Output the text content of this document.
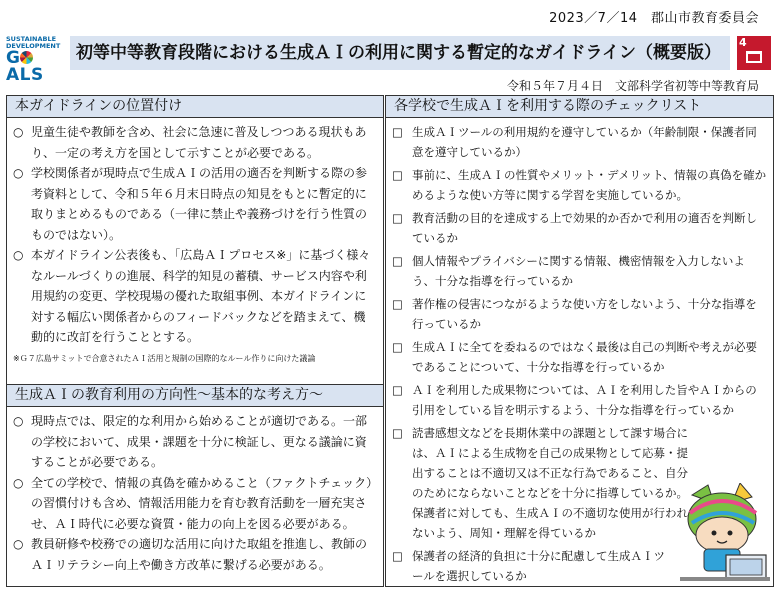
2023／7／14　郡山市教育委員会
SUSTAINABLE
DEVELOPMENT
GALS
初等中等教育段階における生成ＡＩの利用に関する暫定的なガイドライン（概要版）
4
令和５年７月４日　文部科学省初等中等教育局
本ガイドラインの位置付け
○ 児童生徒や教師を含め、社会に急速に普及しつつある現状もあり、一定の考え方を国として示すことが必要である。
○ 学校関係者が現時点で生成ＡＩの活用の適否を判断する際の参考資料として、令和５年６月末日時点の知見をもとに暫定的に取りまとめるものである（一律に禁止や義務づけを行う性質のものではない）。
○ 本ガイドライン公表後も、「広島ＡＩプロセス※」に基づく様々なルールづくりの進展、科学的知見の蓄積、サービス内容や利用規約の変更、学校現場の優れた取組事例、本ガイドラインに対する幅広い関係者からのフィードバックなどを踏まえて、機動的に改訂を行うこととする。
※Ｇ７広島サミットで合意されたＡＩ活用と規制の国際的なルール作りに向けた議論
生成ＡＩの教育利用の方向性～基本的な考え方～
○ 現時点では、限定的な利用から始めることが適切である。一部の学校において、成果・課題を十分に検証し、更なる議論に資することが必要である。
○ 全ての学校で、情報の真偽を確かめること（ファクトチェック）の習慣付けも含め、情報活用能力を育む教育活動を一層充実させ、ＡＩ時代に必要な資質・能力の向上を図る必要がある。
○ 教員研修や校務での適切な活用に向けた取組を推進し、教師のＡＩリテラシー向上や働き方改革に繋げる必要がある。
各学校で生成ＡＩを利用する際のチェックリスト
□ 生成ＡＩツールの利用規約を遵守しているか（年齢制限・保護者同意を遵守しているか）
□ 事前に、生成ＡＩの性質やメリット・デメリット、情報の真偽を確かめるような使い方等に関する学習を実施しているか。
□ 教育活動の目的を達成する上で効果的か否かで利用の適否を判断しているか
□ 個人情報やプライバシーに関する情報、機密情報を入力しないよう、十分な指導を行っているか
□ 著作権の侵害につながるような使い方をしないよう、十分な指導を行っているか
□ 生成ＡＩに全てを委ねるのではなく最後は自己の判断や考えが必要であることについて、十分な指導を行っているか
□ ＡＩを利用した成果物については、ＡＩを利用した旨やＡＩからの引用をしている旨を明示するよう、十分な指導を行っているか
□ 読書感想文などを長期休業中の課題として課す場合には、ＡＩによる生成物を自己の成果物として応募・提出することは不適切又は不正な行為であること、自分のためにならないことなどを十分に指導しているか。保護者に対しても、生成ＡＩの不適切な使用が行われないよう、周知・理解を得ているか
□ 保護者の経済的負担に十分に配慮して生成ＡＩツールを選択しているか
